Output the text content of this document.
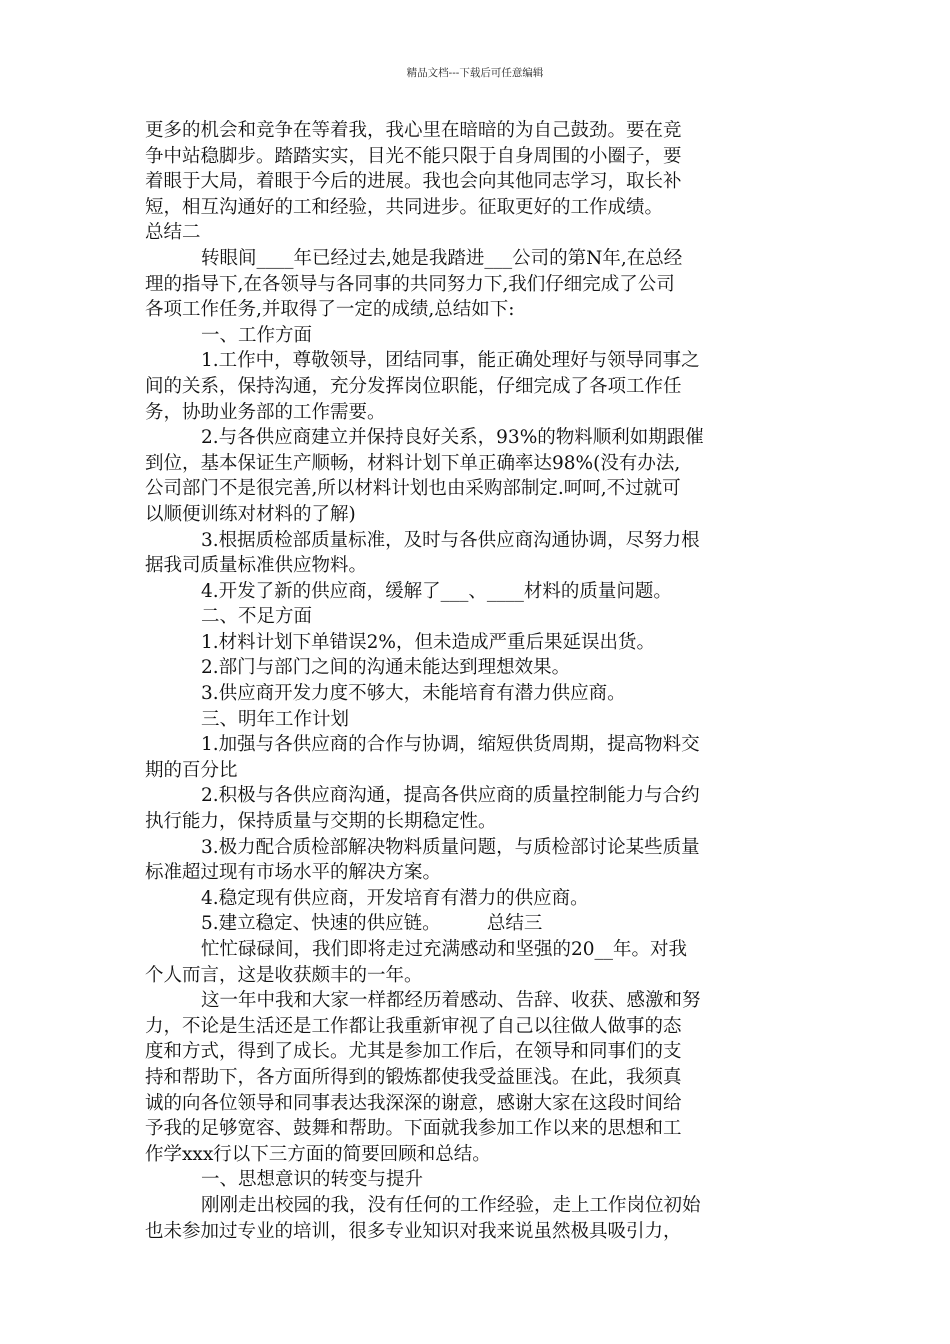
精品文档---下载后可任意编辑
更多的机会和竞争在等着我，我心里在暗暗的为自己鼓劲。要在竞
争中站稳脚步。踏踏实实，目光不能只限于自身周围的小圈子，要
着眼于大局，着眼于今后的进展。我也会向其他同志学习，取长补
短，相互沟通好的工和经验，共同进步。征取更好的工作成绩。
总结二
转眼间____年已经过去,她是我踏进___公司的第N年,在总经
理的指导下,在各领导与各同事的共同努力下,我们仔细完成了公司
各项工作任务,并取得了一定的成绩,总结如下:
一、工作方面
1.工作中，尊敬领导，团结同事，能正确处理好与领导同事之
间的关系，保持沟通，充分发挥岗位职能，仔细完成了各项工作任
务，协助业务部的工作需要。
2.与各供应商建立并保持良好关系，93%的物料顺利如期跟催
到位，基本保证生产顺畅，材料计划下单正确率达98%(没有办法,
公司部门不是很完善,所以材料计划也由采购部制定.呵呵,不过就可
以顺便训练对材料的了解)
3.根据质检部质量标准，及时与各供应商沟通协调，尽努力根
据我司质量标准供应物料。
4.开发了新的供应商，缓解了___、____材料的质量问题。
二、不足方面
1.材料计划下单错误2%，但未造成严重后果延误出货。
2.部门与部门之间的沟通未能达到理想效果。
3.供应商开发力度不够大，未能培育有潜力供应商。
三、明年工作计划
1.加强与各供应商的合作与协调，缩短供货周期，提高物料交
期的百分比
2.积极与各供应商沟通，提高各供应商的质量控制能力与合约
执行能力，保持质量与交期的长期稳定性。
3.极力配合质检部解决物料质量问题，与质检部讨论某些质量
标准超过现有市场水平的解决方案。
4.稳定现有供应商，开发培育有潜力的供应商。
5.建立稳定、快速的供应链。　　　总结三
忙忙碌碌间，我们即将走过充满感动和坚强的20__年。对我
个人而言，这是收获颇丰的一年。
这一年中我和大家一样都经历着感动、告辞、收获、感激和努
力，不论是生活还是工作都让我重新审视了自己以往做人做事的态
度和方式，得到了成长。尤其是参加工作后，在领导和同事们的支
持和帮助下，各方面所得到的锻炼都使我受益匪浅。在此，我须真
诚的向各位领导和同事表达我深深的谢意，感谢大家在这段时间给
予我的足够宽容、鼓舞和帮助。下面就我参加工作以来的思想和工
作学xxx行以下三方面的简要回顾和总结。
一、思想意识的转变与提升
刚刚走出校园的我，没有任何的工作经验，走上工作岗位初始
也未参加过专业的培训，很多专业知识对我来说虽然极具吸引力，
